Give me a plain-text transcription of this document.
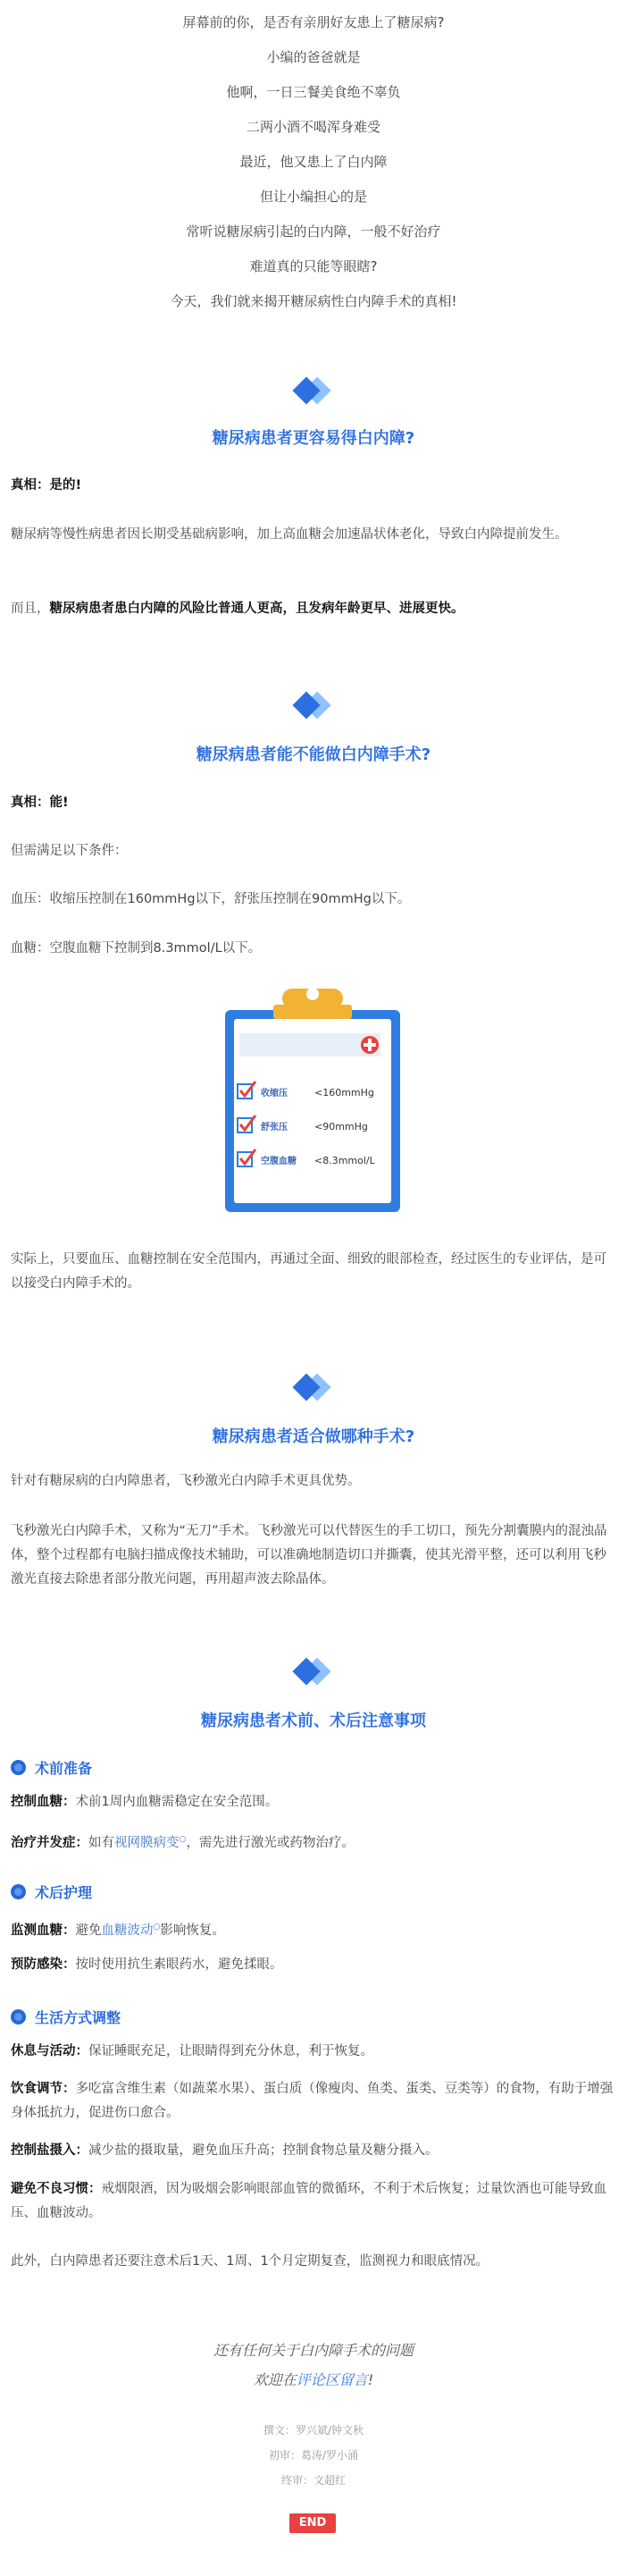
屏幕前的你，是否有亲朋好友患上了糖尿病?

小编的爸爸就是

他啊，一日三餐美食绝不辜负

二两小酒不喝浑身难受

最近，他又患上了白内障

但让小编担心的是

常听说糖尿病引起的白内障，一般不好治疗

难道真的只能等眼瞎?

今天，我们就来揭开糖尿病性白内障手术的真相!

糖尿病患者更容易得白内障?

真相：是的!

糖尿病等慢性病患者因长期受基础病影响，加上高血糖会加速晶状体老化，导致白内障提前发生。

而且，糖尿病患者患白内障的风险比普通人更高，且发病年龄更早、进展更快。

糖尿病患者能不能做白内障手术?

真相：能!

但需满足以下条件：

血压：收缩压控制在160mmHg以下，舒张压控制在90mmHg以下。

血糖：空腹血糖下控制到8.3mmol/L以下。

收缩压	<160mmHg
舒张压	<90mmHg
空腹血糖 <8.3mmol/L

实际上，只要血压、血糖控制在安全范围内，再通过全面、细致的眼部检查，经过医生的专业评估，是可以接受白内障手术的。

糖尿病患者适合做哪种手术?

针对有糖尿病的白内障患者，飞秒激光白内障手术更具优势。

飞秒激光白内障手术，又称为“无刀”手术。飞秒激光可以代替医生的手工切口，预先分割囊膜内的混浊晶体，整个过程都有电脑扫描成像技术辅助，可以准确地制造切口并撕囊，使其光滑平整，还可以利用飞秒激光直接去除患者部分散光问题，再用超声波去除晶体。

糖尿病患者术前、术后注意事项

术前准备

控制血糖：术前1周内血糖需稳定在安全范围。

治疗并发症：如有视网膜病变○，需先进行激光或药物治疗。

术后护理

监测血糖：避免血糖波动○影响恢复。

预防感染：按时使用抗生素眼药水，避免揉眼。

生活方式调整

休息与活动：保证睡眠充足，让眼睛得到充分休息，利于恢复。

饮食调节：多吃富含维生素（如蔬菜水果）、蛋白质（像瘦肉、鱼类、蛋类、豆类等）的食物，有助于增强身体抵抗力，促进伤口愈合。

控制盐摄入：减少盐的摄取量，避免血压升高；控制食物总量及糖分摄入。

避免不良习惯：戒烟限酒，因为吸烟会影响眼部血管的微循环，不利于术后恢复；过量饮酒也可能导致血压、血糖波动。

此外，白内障患者还要注意术后1天、1周、1个月定期复查，监测视力和眼底情况。

还有任何关于白内障手术的问题

欢迎在评论区留言!

撰文：罗兴斌/钟文秋

初审：葛涛/罗小涌

终审：文超红

END
